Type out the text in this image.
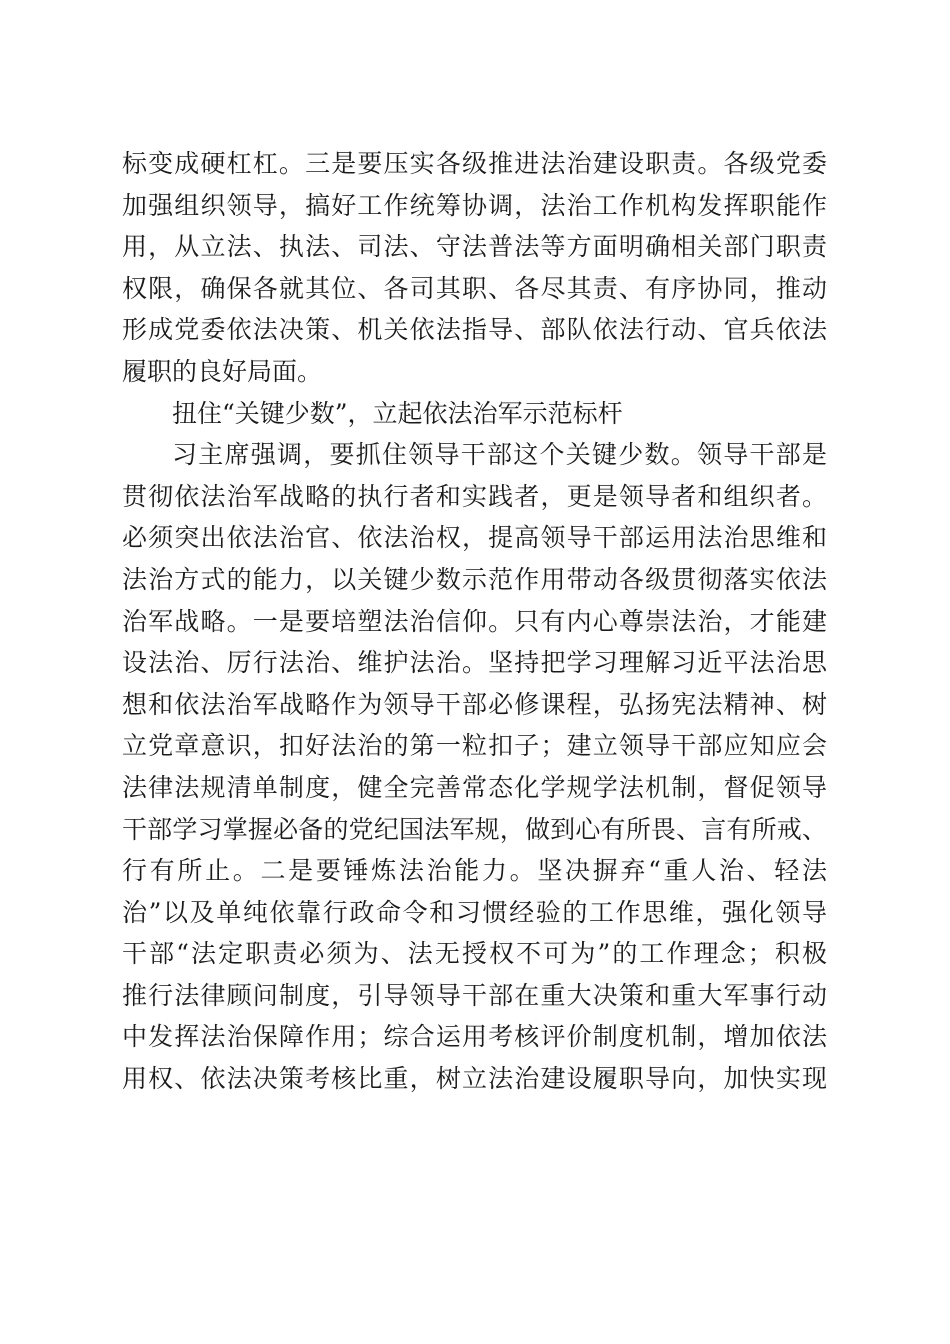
标变成硬杠杠。三是要压实各级推进法治建设职责。各级党委
加强组织领导，搞好工作统筹协调，法治工作机构发挥职能作
用，从立法、执法、司法、守法普法等方面明确相关部门职责
权限，确保各就其位、各司其职、各尽其责、有序协同，推动
形成党委依法决策、机关依法指导、部队依法行动、官兵依法
履职的良好局面。
扭住“关键少数”，立起依法治军示范标杆
习主席强调，要抓住领导干部这个关键少数。领导干部是
贯彻依法治军战略的执行者和实践者，更是领导者和组织者。
必须突出依法治官、依法治权，提高领导干部运用法治思维和
法治方式的能力，以关键少数示范作用带动各级贯彻落实依法
治军战略。一是要培塑法治信仰。只有内心尊崇法治，才能建
设法治、厉行法治、维护法治。坚持把学习理解习近平法治思
想和依法治军战略作为领导干部必修课程，弘扬宪法精神、树
立党章意识，扣好法治的第一粒扣子；建立领导干部应知应会
法律法规清单制度，健全完善常态化学规学法机制，督促领导
干部学习掌握必备的党纪国法军规，做到心有所畏、言有所戒、
行有所止。二是要锤炼法治能力。坚决摒弃“重人治、轻法
治”以及单纯依靠行政命令和习惯经验的工作思维，强化领导
干部“法定职责必须为、法无授权不可为”的工作理念；积极
推行法律顾问制度，引导领导干部在重大决策和重大军事行动
中发挥法治保障作用；综合运用考核评价制度机制，增加依法
用权、依法决策考核比重，树立法治建设履职导向，加快实现
